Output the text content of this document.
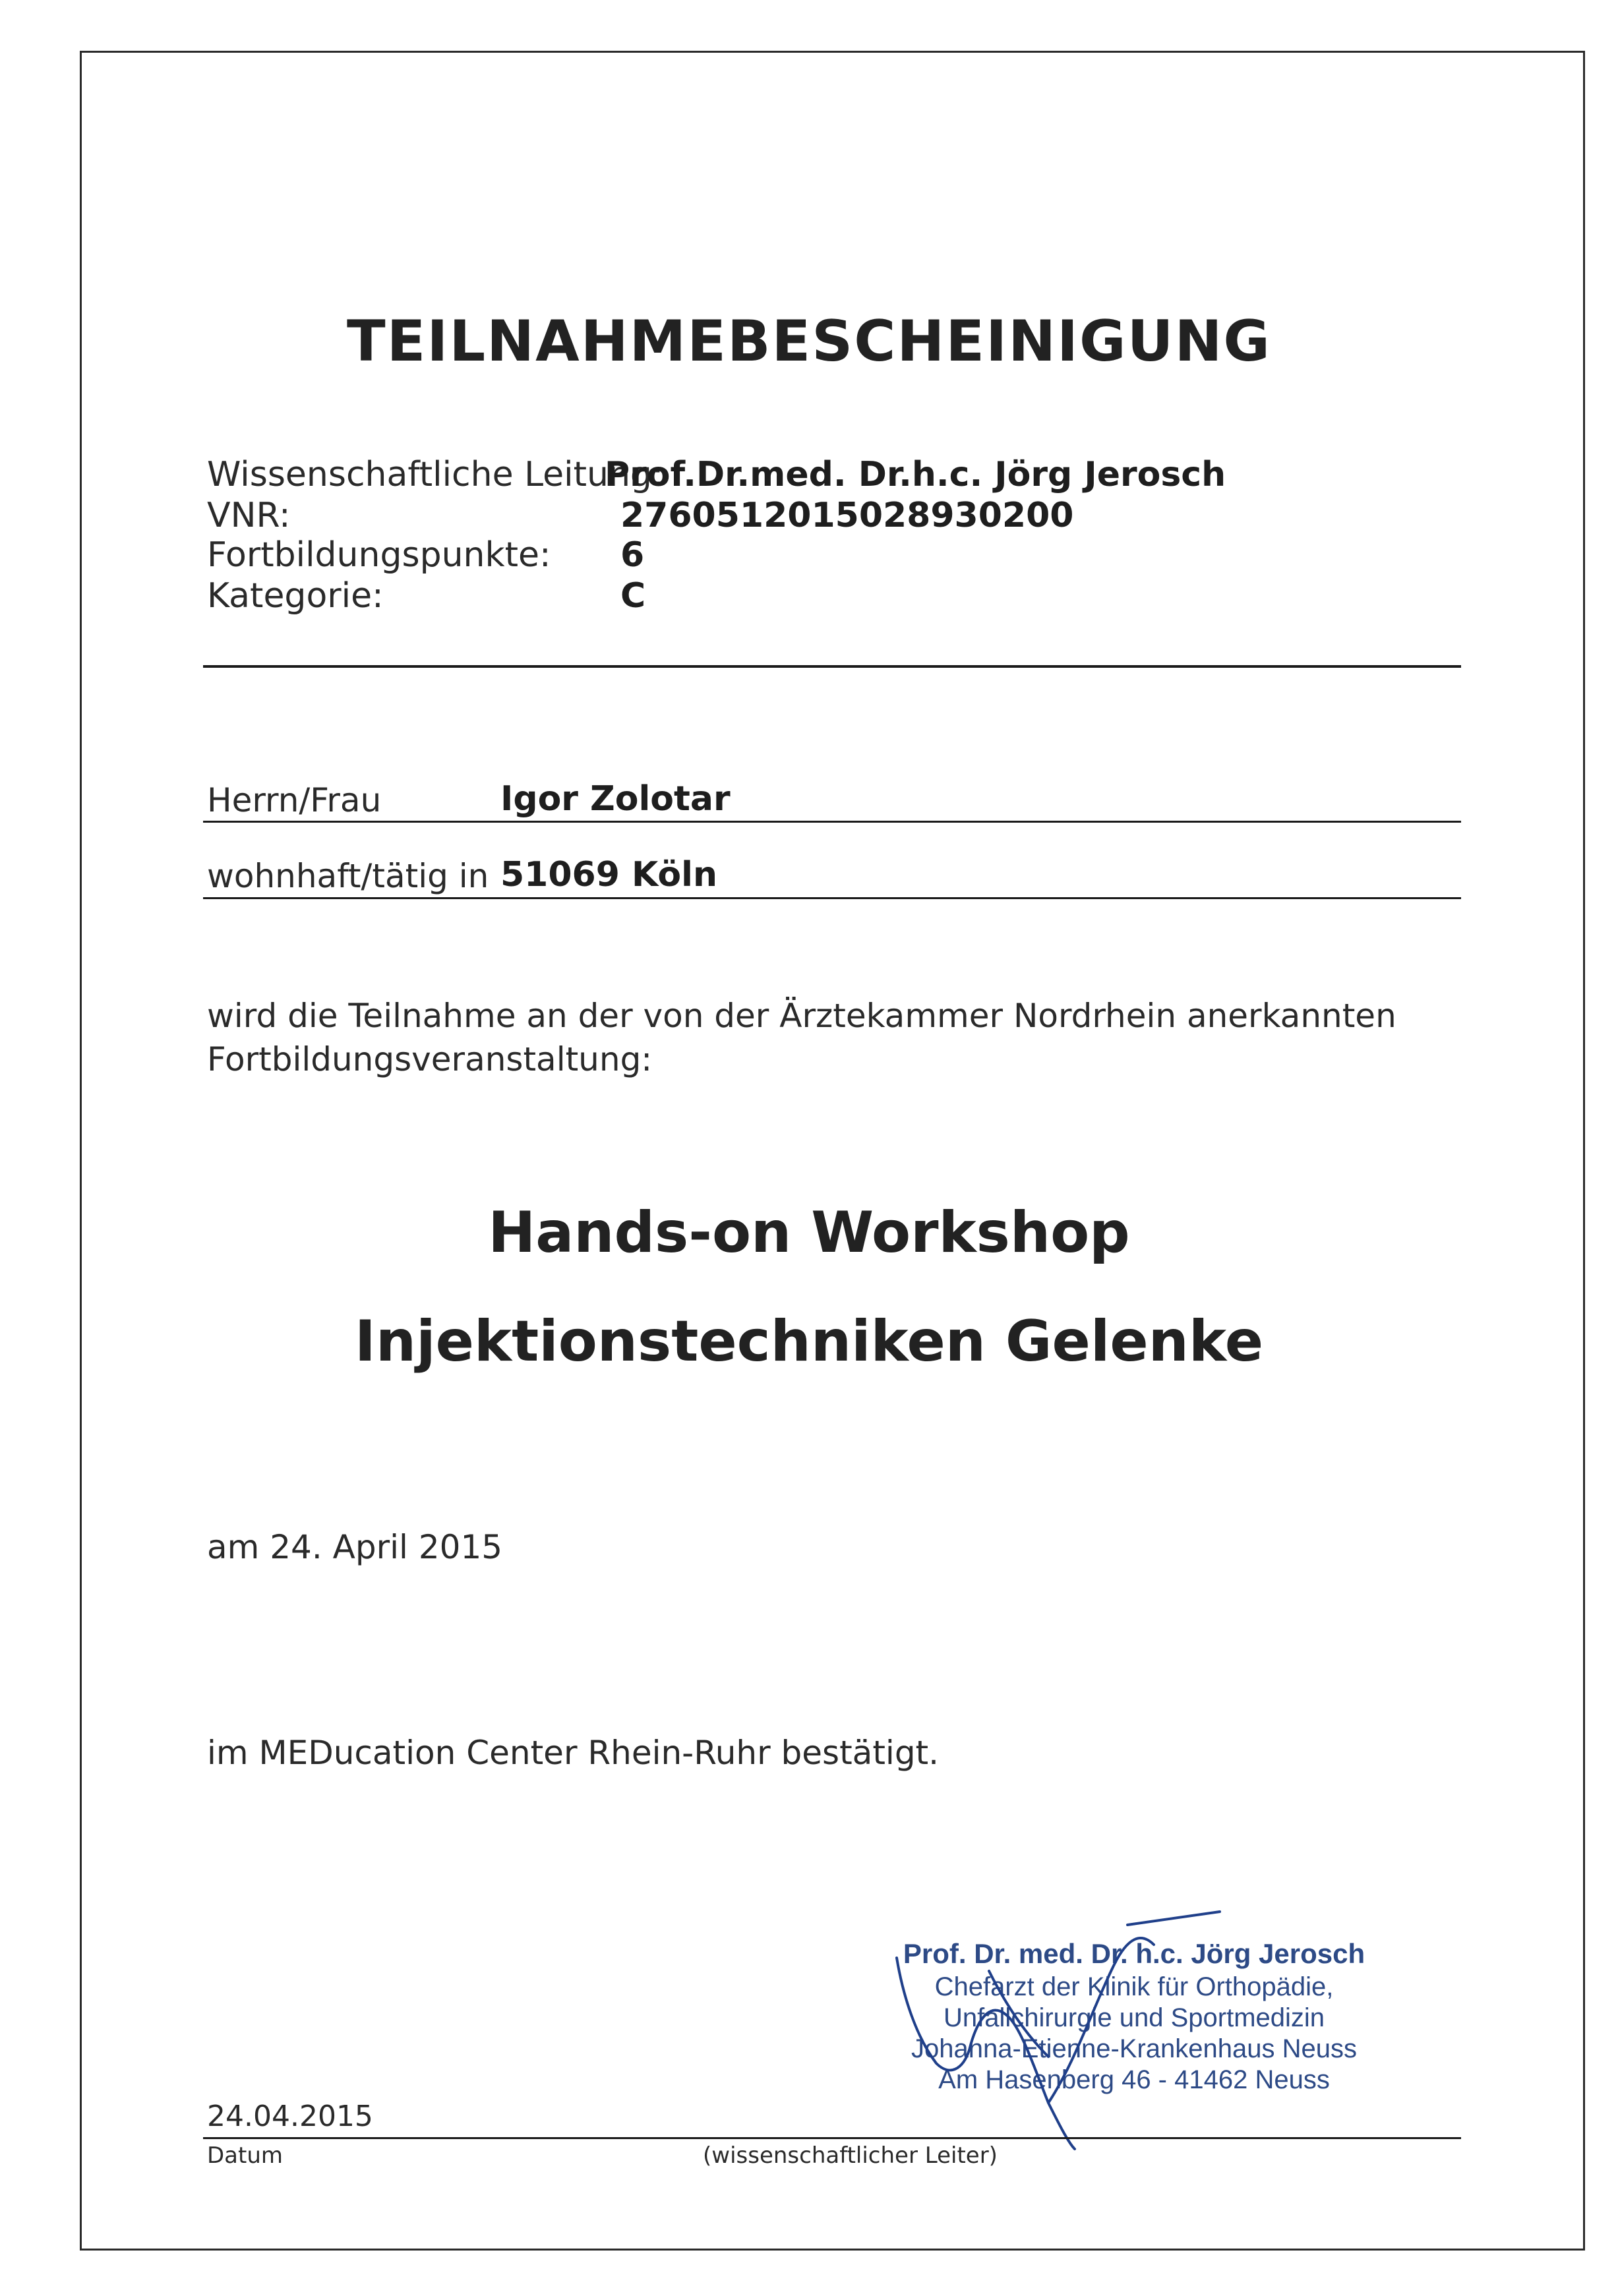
TEILNAHMEBESCHEINIGUNG
Wissenschaftliche Leitung:
Prof.Dr.med. Dr.h.c. Jörg Jerosch
VNR:	2760512015028930200
Fortbildungspunkte: 6
Kategorie:	C
Herrn/Frau	Igor Zolotar
wohnhaft/tätig in 51069 Köln
wird die Teilnahme an der von der Ärztekammer Nordrhein anerkannten
Fortbildungsveranstaltung:
Hands-on Workshop
Injektionstechniken Gelenke
am 24. April 2015
im MEDucation Center Rhein-Ruhr bestätigt.
Prof. Dr. med. Dr. h.c. Jörg Jerosch
Chefarzt der Klinik für Orthopädie,
Unfallchirurgie und Sportmedizin
Johanna-Etienne-Krankenhaus Neuss
Am Hasenberg 46 - 41462 Neuss
24.04.2015
Datum	(wissenschaftlicher Leiter)
